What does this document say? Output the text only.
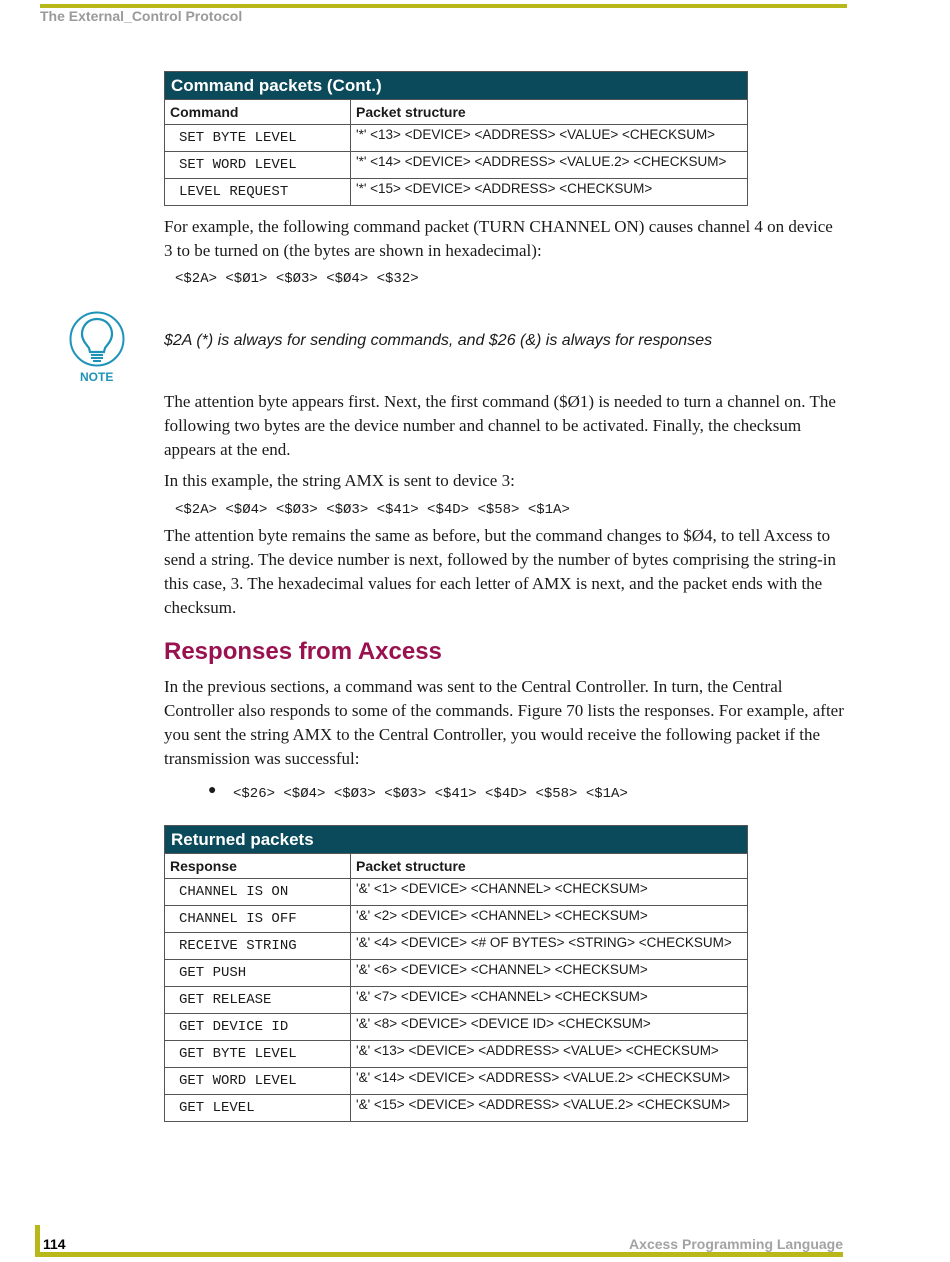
The External_Control Protocol
Command packets (Cont.)	
Command	Packet structure
SET BYTE LEVEL	'*' <13> <DEVICE> <ADDRESS> <VALUE> <CHECKSUM>
SET WORD LEVEL	'*' <14> <DEVICE> <ADDRESS> <VALUE.2> <CHECKSUM>
LEVEL REQUEST	'*' <15> <DEVICE> <ADDRESS> <CHECKSUM>

For example, the following command packet (TURN CHANNEL ON) causes channel 4 on device 3 to be turned on (the bytes are shown in hexadecimal):

<$2A> <$Ø1> <$Ø3> <$Ø4> <$32>
NOTE
$2A (*) is always for sending commands, and $26 (&) is always for responses

The attention byte appears first. Next, the first command ($Ø1) is needed to turn a channel on. The following two bytes are the device number and channel to be activated. Finally, the checksum appears at the end.

In this example, the string AMX is sent to device 3:

<$2A> <$Ø4> <$Ø3> <$Ø3> <$41> <$4D> <$58> <$1A>

The attention byte remains the same as before, but the command changes to $Ø4, to tell Axcess to send a string. The device number is next, followed by the number of bytes comprising the string-in this case, 3. The hexadecimal values for each letter of AMX is next, and the packet ends with the checksum.

Responses from Axcess

In the previous sections, a command was sent to the Central Controller. In turn, the Central Controller also responds to some of the commands. Figure 70 lists the responses. For example, after you sent the string AMX to the Central Controller, you would receive the following packet if the transmission was successful:

● <$26> <$Ø4> <$Ø3> <$Ø3> <$41> <$4D> <$58> <$1A>
Returned packets	
Response	Packet structure
CHANNEL IS ON	'&' <1> <DEVICE> <CHANNEL> <CHECKSUM>
CHANNEL IS OFF	'&' <2> <DEVICE> <CHANNEL> <CHECKSUM>
RECEIVE STRING	'&' <4> <DEVICE> <# OF BYTES> <STRING> <CHECKSUM>
GET PUSH	'&' <6> <DEVICE> <CHANNEL> <CHECKSUM>
GET RELEASE	'&' <7> <DEVICE> <CHANNEL> <CHECKSUM>
GET DEVICE ID	'&' <8> <DEVICE> <DEVICE ID> <CHECKSUM>
GET BYTE LEVEL	'&' <13> <DEVICE> <ADDRESS> <VALUE> <CHECKSUM>
GET WORD LEVEL	'&' <14> <DEVICE> <ADDRESS> <VALUE.2> <CHECKSUM>
GET LEVEL	'&' <15> <DEVICE> <ADDRESS> <VALUE.2> <CHECKSUM>
114	Axcess Programming Language
